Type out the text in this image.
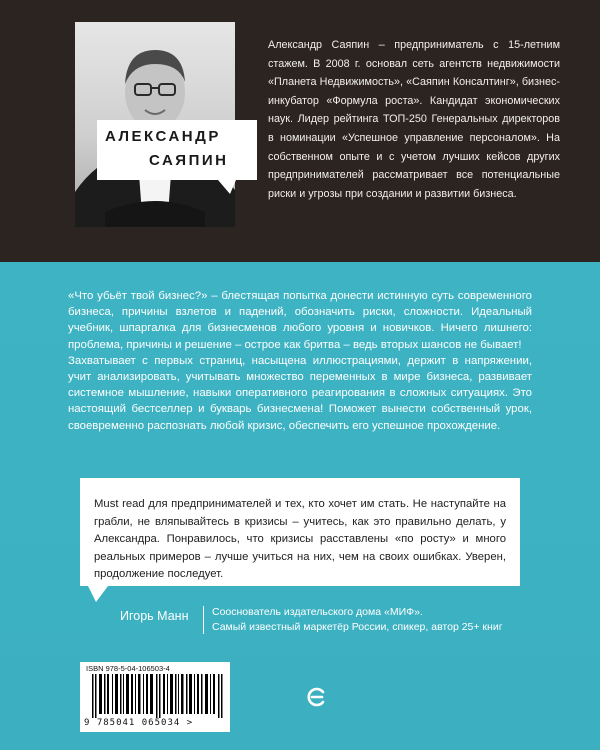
АЛЕКСАНДР
САЯПИН
Александр Саяпин – предприниматель с 15-летним стажем. В 2008 г. основал сеть агентств недвижимости «Планета Недвижимость», «Саяпин Консалтинг», бизнес-инкубатор «Формула роста». Кандидат экономических наук. Лидер рейтинга ТОП-250 Генеральных директоров в номинации «Успешное управление персоналом». На собственном опыте и с учетом лучших кейсов других предпринимателей рассматривает все потенциальные риски и угрозы при создании и развитии бизнеса.

«Что убьёт твой бизнес?» – блестящая попытка донести истинную суть современного бизнеса, причины взлетов и падений, обозначить риски, сложности. Идеальный учебник, шпаргалка для бизнесменов любого уровня и новичков. Ничего лишнего: проблема, причины и решение – острое как бритва – ведь вторых шансов не бывает!

Захватывает с первых страниц, насыщена иллюстрациями, держит в напряжении, учит анализировать, учитывать множество переменных в мире бизнеса, развивает системное мышление, навыки оперативного реагирования в сложных ситуациях. Это настоящий бестселлер и букварь бизнесмена! Поможет вынести собственный урок, своевременно распознать любой кризис, обеспечить его успешное прохождение.

Must read для предпринимателей и тех, кто хочет им стать. Не наступайте на грабли, не вляпывайтесь в кризисы – учитесь, как это правильно делать, у Александра. Понравилось, что кризисы расставлены «по росту» и много реальных примеров – лучше учиться на них, чем на своих ошибках. Уверен, продолжение последует.
Игорь Манн Сооснователь издательского дома «МИФ».
Самый известный маркетёр России, спикер, автор 25+ книг
ISBN 978-5-04-106503-4
9 785041 065034 >
